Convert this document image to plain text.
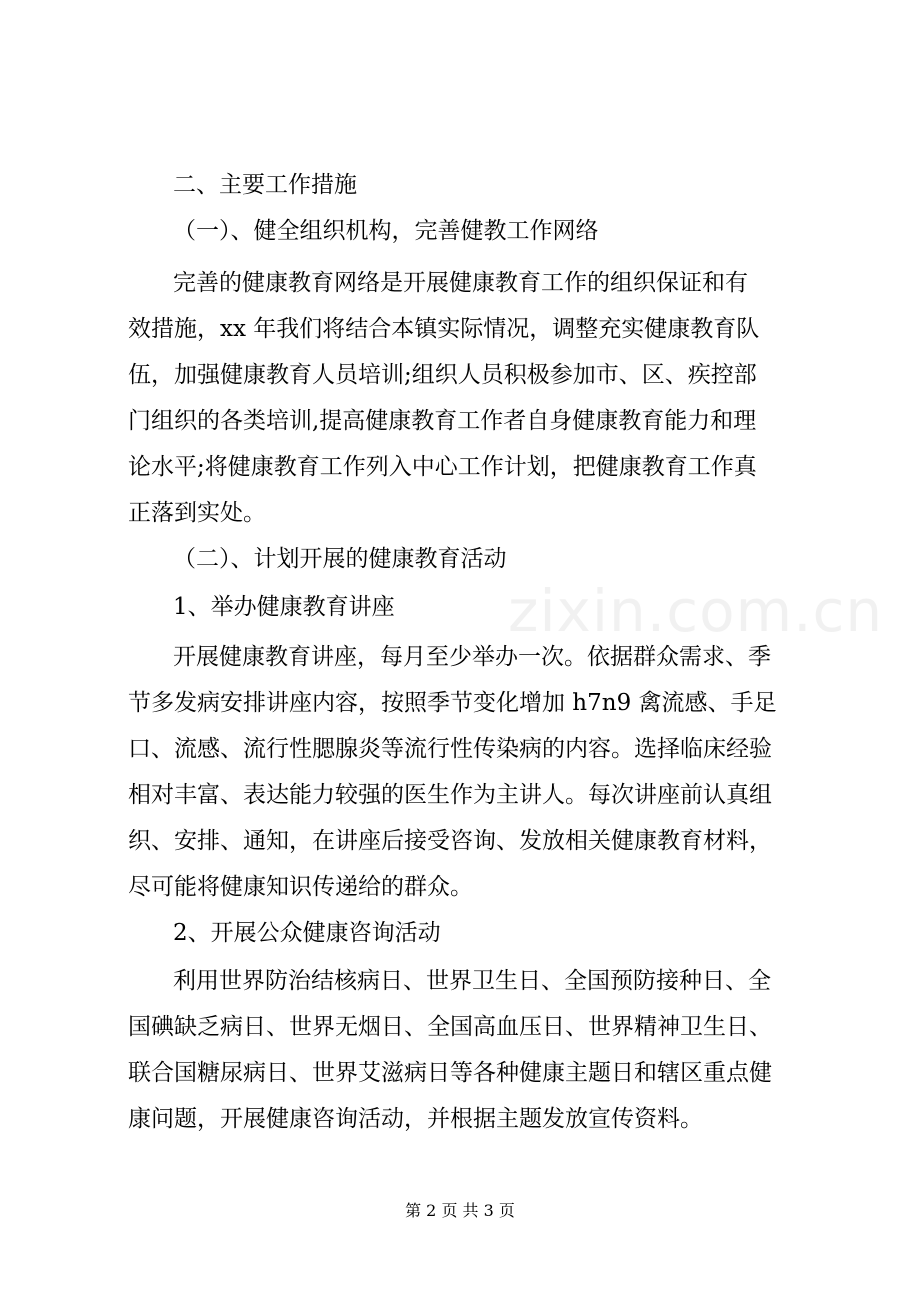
zixin.com.cn
二、主要工作措施
（一）、健全组织机构，完善健教工作网络
完善的健康教育网络是开展健康教育工作的组织保证和有
效措施，xx 年我们将结合本镇实际情况，调整充实健康教育队
伍，加强健康教育人员培训;组织人员积极参加市、区、疾控部
门组织的各类培训,提高健康教育工作者自身健康教育能力和理
论水平;将健康教育工作列入中心工作计划，把健康教育工作真
正落到实处。
（二）、计划开展的健康教育活动
1、举办健康教育讲座
开展健康教育讲座，每月至少举办一次。依据群众需求、季
节多发病安排讲座内容，按照季节变化增加 h7n9 禽流感、手足
口、流感、流行性腮腺炎等流行性传染病的内容。选择临床经验
相对丰富、表达能力较强的医生作为主讲人。每次讲座前认真组
织、安排、通知，在讲座后接受咨询、发放相关健康教育材料，
尽可能将健康知识传递给的群众。
2、开展公众健康咨询活动
利用世界防治结核病日、世界卫生日、全国预防接种日、全
国碘缺乏病日、世界无烟日、全国高血压日、世界精神卫生日、
联合国糖尿病日、世界艾滋病日等各种健康主题日和辖区重点健
康问题，开展健康咨询活动，并根据主题发放宣传资料。
第 2 页 共 3 页
